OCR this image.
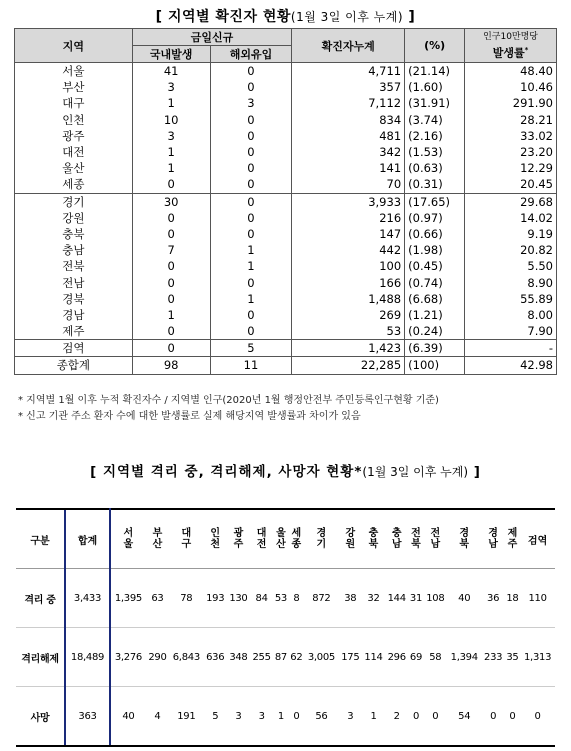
[ 지역별 확진자 현황(1월 3일 이후 누계) ]
지역	금일신규		확진자누계	(%)	인구10만명당
발생률*

	국내발생	해외유입			
서울	41	0	4,711	(21.14)	48.40
부산	3	0	357	(1.60)	10.46
대구	1	3	7,112	(31.91)	291.90
인천	10	0	834	(3.74)	28.21
광주	3	0	481	(2.16)	33.02
대전	1	0	342	(1.53)	23.20
울산	1	0	141	(0.63)	12.29
세종	0	0	70	(0.31)	20.45
경기	30	0	3,933	(17.65)	29.68
강원	0	0	216	(0.97)	14.02
충북	0	0	147	(0.66)	9.19
충남	7	1	442	(1.98)	20.82
전북	0	1	100	(0.45)	5.50
전남	0	0	166	(0.74)	8.90
경북	0	1	1,488	(6.68)	55.89
경남	1	0	269	(1.21)	8.00
제주	0	0	53	(0.24)	7.90
검역	0	5	1,423	(6.39)	-
종합계	98	11	22,285	(100)	42.98
* 지역별 1월 이후 누적 확진자수 / 지역별 인구(2020년 1월 행정안전부 주민등록인구현황 기준)
* 신고 기관 주소 환자 수에 대한 발생률로 실제 해당지역 발생률과 차이가 있음
[ 지역별 격리 중, 격리해제, 사망자 현황*(1월 3일 이후 누계) ]
구분	합계	서울	부산	대구	인천	광주	대전	울산	세종	경기	강원	충북	충남	전북	전남	경북	경남	제주	검역
격리 중	3,433	1,395	63	78	193	130	84	53	8	872	38	32	144	31	108	40	36	18	110
격리해제	18,489	3,276	290	6,843	636	348	255	87	62	3,005	175	114	296	69	58	1,394	233	35	1,313
사망	363	40	4	191	5	3	3	1	0	56	3	1	2	0	0	54	0	0	0
